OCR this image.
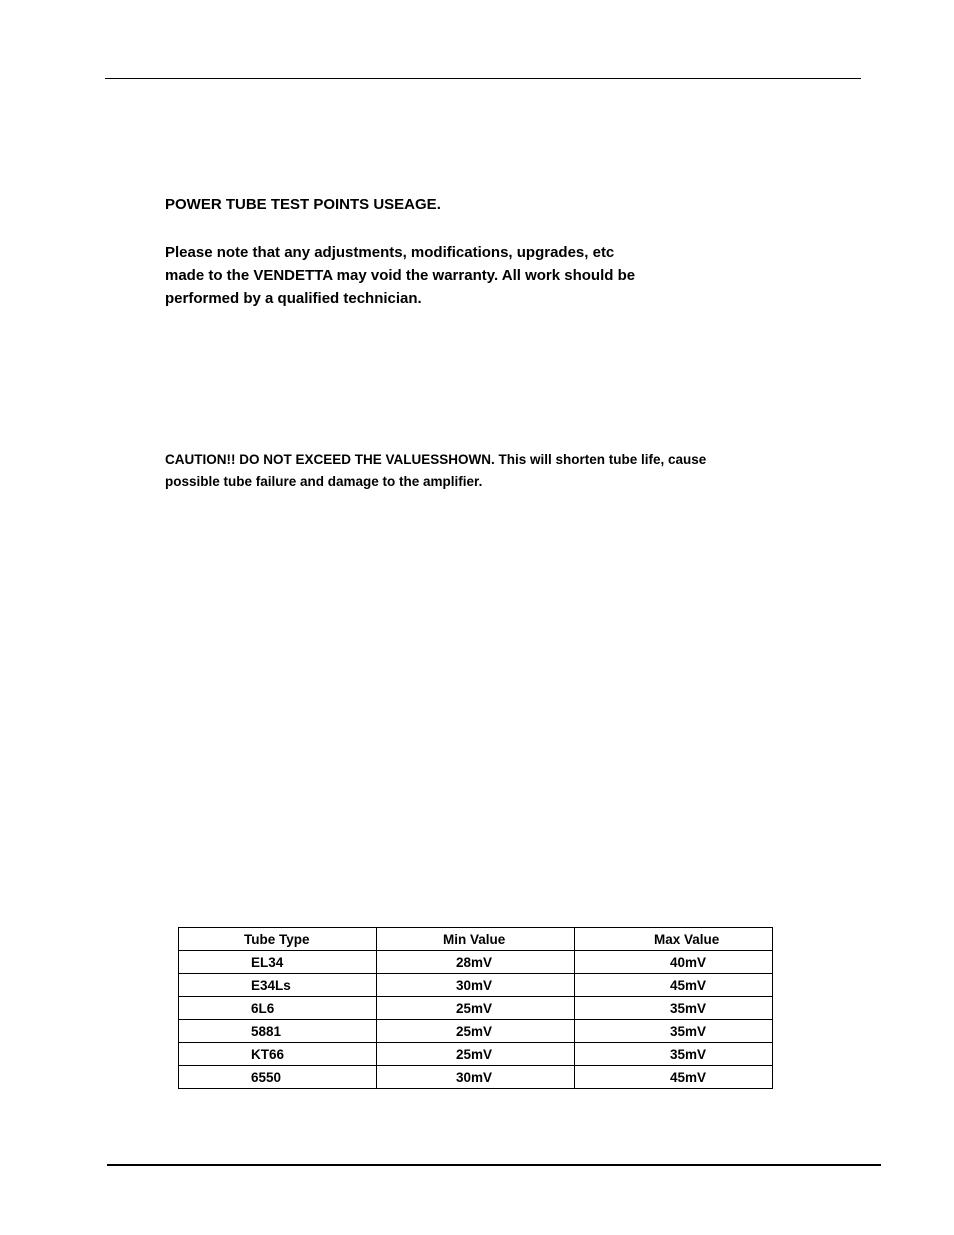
POWER TUBE TEST POINTS USEAGE.
Please note that any adjustments, modifications, upgrades, etc
made to the VENDETTA may void the warranty. All work should be
performed by a qualified technician.
CAUTION!! DO NOT EXCEED THE VALUESSHOWN. This will shorten tube life, cause
possible tube failure and damage to the amplifier.
Tube Type	Min Value	Max Value
EL34	28mV	40mV
E34Ls	30mV	45mV
6L6	25mV	35mV
5881	25mV	35mV
KT66	25mV	35mV
6550	30mV	45mV
